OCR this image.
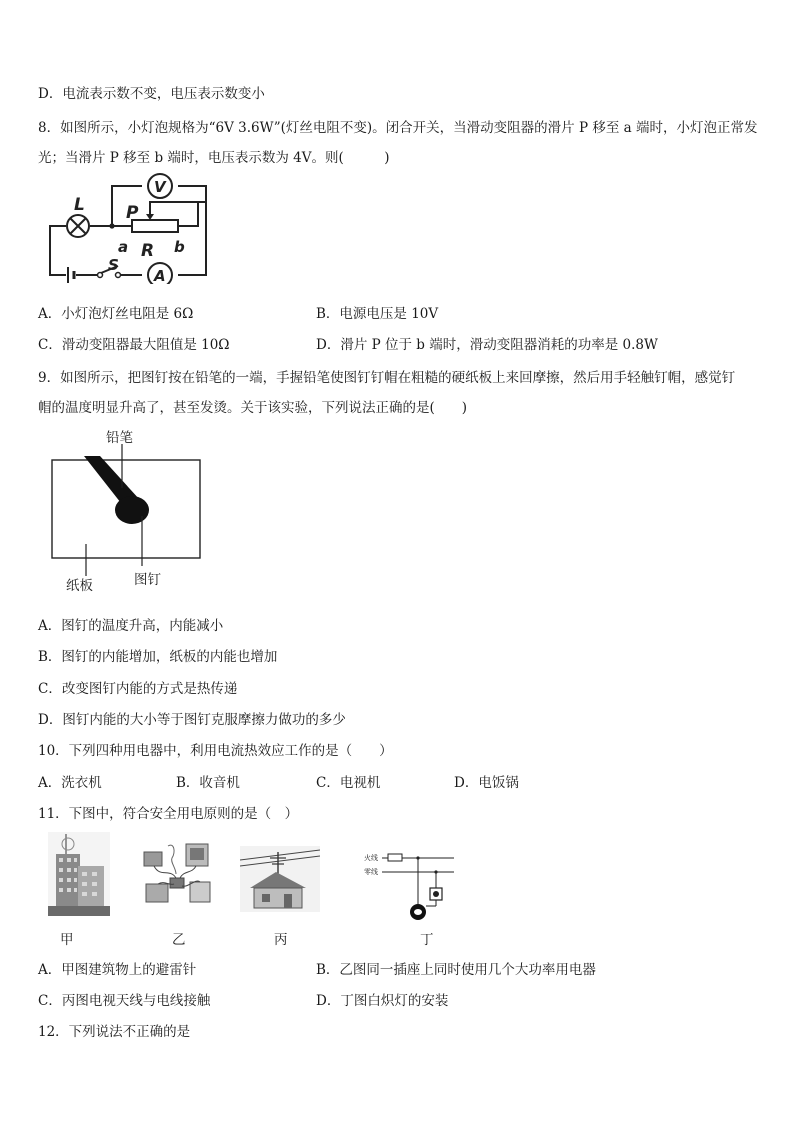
D．电流表示数不变，电压表示数变小
8．如图所示，小灯泡规格为“6V 3.6W”(灯丝电阻不变)。闭合开关，当滑动变阻器的滑片 P 移至 a 端时，小灯泡正常发
光；当滑片 P 移至 b 端时，电压表示数为 4V。则(　　　)
L P
a R b
S
V
A
A．小灯泡灯丝电阻是 6Ω	B．电源电压是 10V
C．滑动变阻器最大阻值是 10Ω	D．滑片 P 位于 b 端时，滑动变阻器消耗的功率是 0.8W
9．如图所示，把图钉按在铅笔的一端，手握铅笔使图钉钉帽在粗糙的硬纸板上来回摩擦，然后用手轻触钉帽，感觉钉
帽的温度明显升高了，甚至发烫。关于该实验，下列说法正确的是(　　)
铅笔
纸板	图钉
A．图钉的温度升高，内能减小
B．图钉的内能增加，纸板的内能也增加
C．改变图钉内能的方式是热传递
D．图钉内能的大小等于图钉克服摩擦力做功的多少
10．下列四种用电器中，利用电流热效应工作的是（　　）
A．洗衣机	B．收音机	C．电视机	D．电饭锅
11．下图中，符合安全用电原则的是（　）
火线
零线
甲	乙	丙	丁
A．甲图建筑物上的避雷针	B．乙图同一插座上同时使用几个大功率用电器
C．丙图电视天线与电线接触	D．丁图白炽灯的安装
12．下列说法不正确的是
